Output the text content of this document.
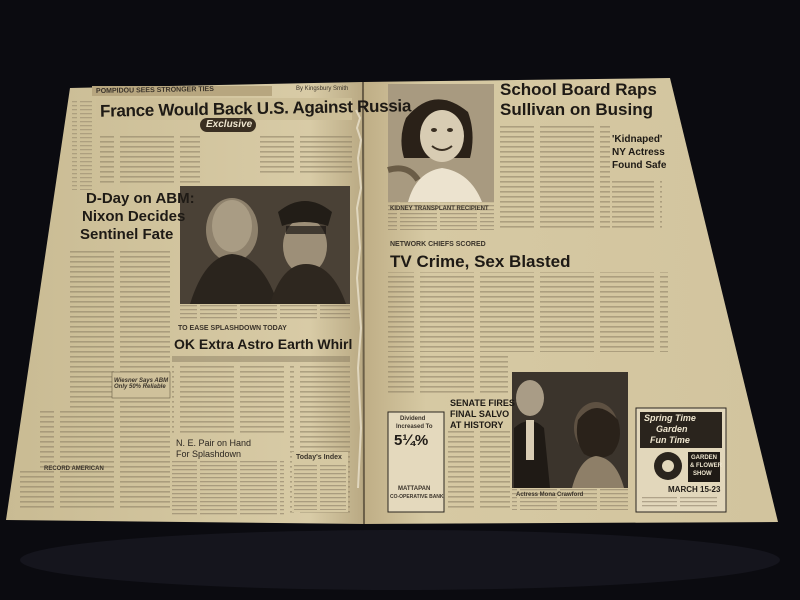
POMPIDOU SEES STRONGER TIES	By Kingsbury Smith
France Would Back U.S. Against Russia
Exclusive
D-Day on ABM:
Nixon Decides
Sentinel Fate
TO EASE SPLASHDOWN TODAY
OK Extra Astro Earth Whirl
Wiesner Says ABM Only 50% Reliable
N. E. Pair on Hand
For Splashdown	Today's Index
RECORD AMERICAN
School Board Raps
Sullivan on Busing
'Kidnaped'
NY Actress
Found Safe
KIDNEY TRANSPLANT RECIPIENT
NETWORK CHIEFS SCORED
TV Crime, Sex Blasted
SENATE FIRES
FINAL SALVO
AT HISTORY
Dividend
Increased To
5¼%
MATTAPAN
CO-OPERATIVE BANK	Actress Mona Crawford
Spring Time
Garden
Fun Time
GARDEN
& FLOWER
SHOW
MARCH 15-23
